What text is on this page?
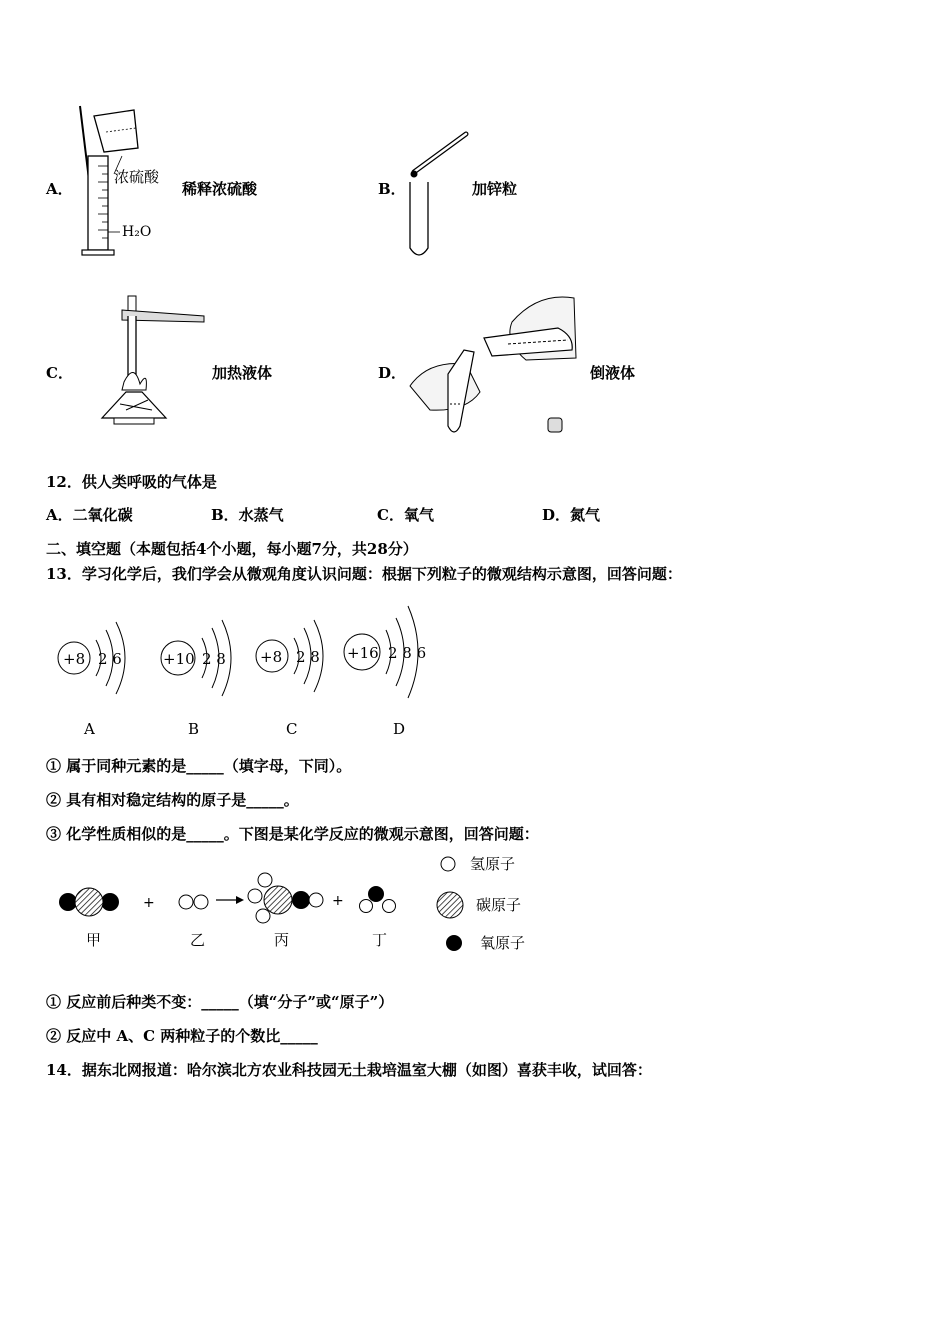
A．
浓硫酸
H₂O
稀释浓硫酸	B．	加锌粒
C．	加热液体	D．	倒液体
12．供人类呼吸的气体是
A．二氧化碳	B．水蒸气	C．氧气	D．氮气
二、填空题（本题包括4个小题，每小题7分，共28分）
13．学习化学后，我们学会从微观角度认识问题：根据下列粒子的微观结构示意图，回答问题：
+8 2 6
A
+10 2 8
B
+8 2 8
C
+16 2 8 6
D
① 属于同种元素的是_____（填字母，下同）。
② 具有相对稳定结构的原子是_____。
③ 化学性质相似的是_____。下图是某化学反应的微观示意图，回答问题：
甲
+
乙	丙
+
丁
氢原子
碳原子
氧原子
① 反应前后种类不变：_____（填“分子”或“原子”）
② 反应中 A、C 两种粒子的个数比_____
14．据东北网报道：哈尔滨北方农业科技园无土栽培温室大棚（如图）喜获丰收，试回答：
